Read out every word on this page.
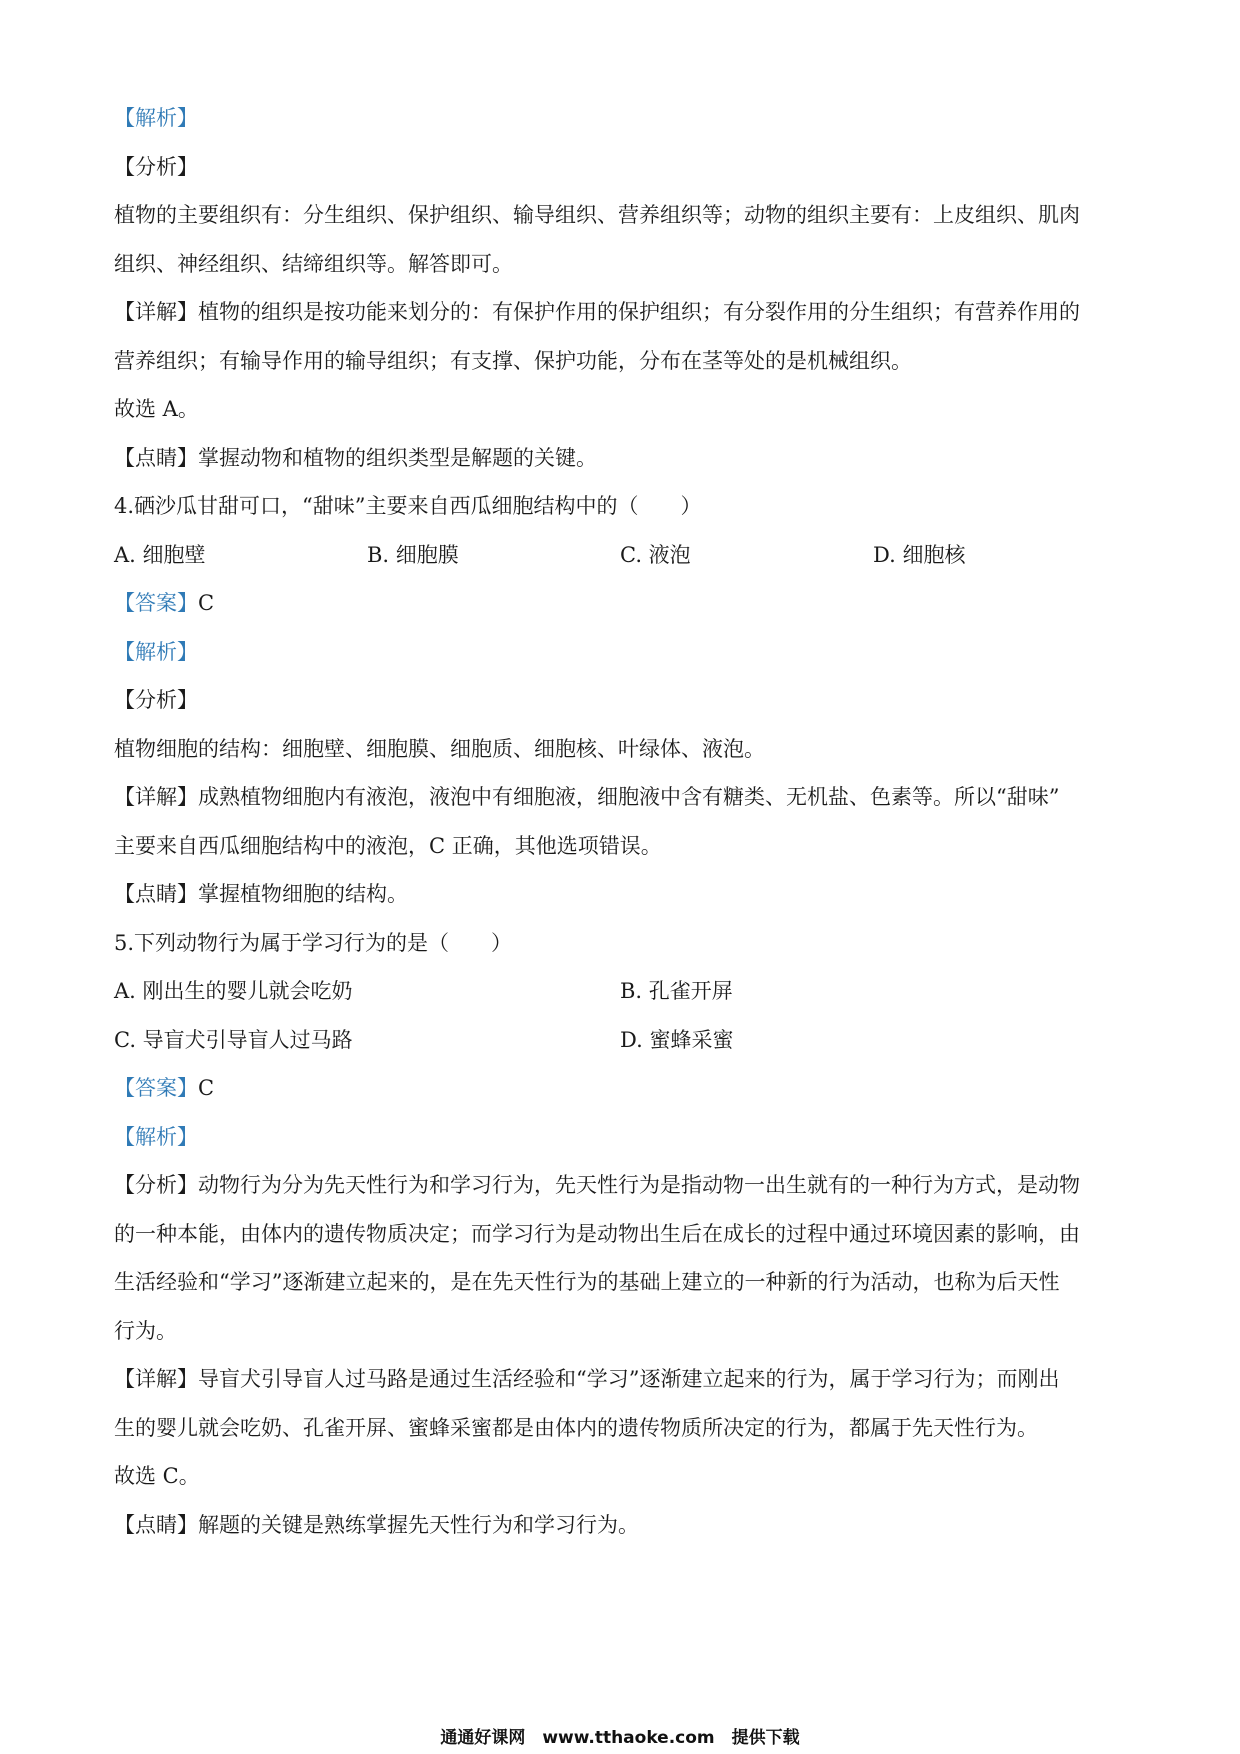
【解析】
【分析】
植物的主要组织有：分生组织、保护组织、输导组织、营养组织等；动物的组织主要有：上皮组织、肌肉
组织、神经组织、结缔组织等。解答即可。
【详解】植物的组织是按功能来划分的：有保护作用的保护组织；有分裂作用的分生组织；有营养作用的
营养组织；有输导作用的输导组织；有支撑、保护功能，分布在茎等处的是机械组织。
故选 A。
【点睛】掌握动物和植物的组织类型是解题的关键。
4.硒沙瓜甘甜可口，“甜味”主要来自西瓜细胞结构中的（　　）
A. 细胞壁	B. 细胞膜	C. 液泡	D. 细胞核
【答案】C
【解析】
【分析】
植物细胞的结构：细胞壁、细胞膜、细胞质、细胞核、叶绿体、液泡。
【详解】成熟植物细胞内有液泡，液泡中有细胞液，细胞液中含有糖类、无机盐、色素等。所以“甜味”
主要来自西瓜细胞结构中的液泡，C 正确，其他选项错误。
【点睛】掌握植物细胞的结构。
5.下列动物行为属于学习行为的是（　　）
A. 刚出生的婴儿就会吃奶	B. 孔雀开屏
C. 导盲犬引导盲人过马路	D. 蜜蜂采蜜
【答案】C
【解析】
【分析】动物行为分为先天性行为和学习行为，先天性行为是指动物一出生就有的一种行为方式，是动物
的一种本能，由体内的遗传物质决定；而学习行为是动物出生后在成长的过程中通过环境因素的影响，由
生活经验和“学习”逐渐建立起来的，是在先天性行为的基础上建立的一种新的行为活动，也称为后天性
行为。
【详解】导盲犬引导盲人过马路是通过生活经验和“学习”逐渐建立起来的行为，属于学习行为；而刚出
生的婴儿就会吃奶、孔雀开屏、蜜蜂采蜜都是由体内的遗传物质所决定的行为，都属于先天性行为。
故选 C。
【点睛】解题的关键是熟练掌握先天性行为和学习行为。
通通好课网　www.tthaoke.com　提供下载
